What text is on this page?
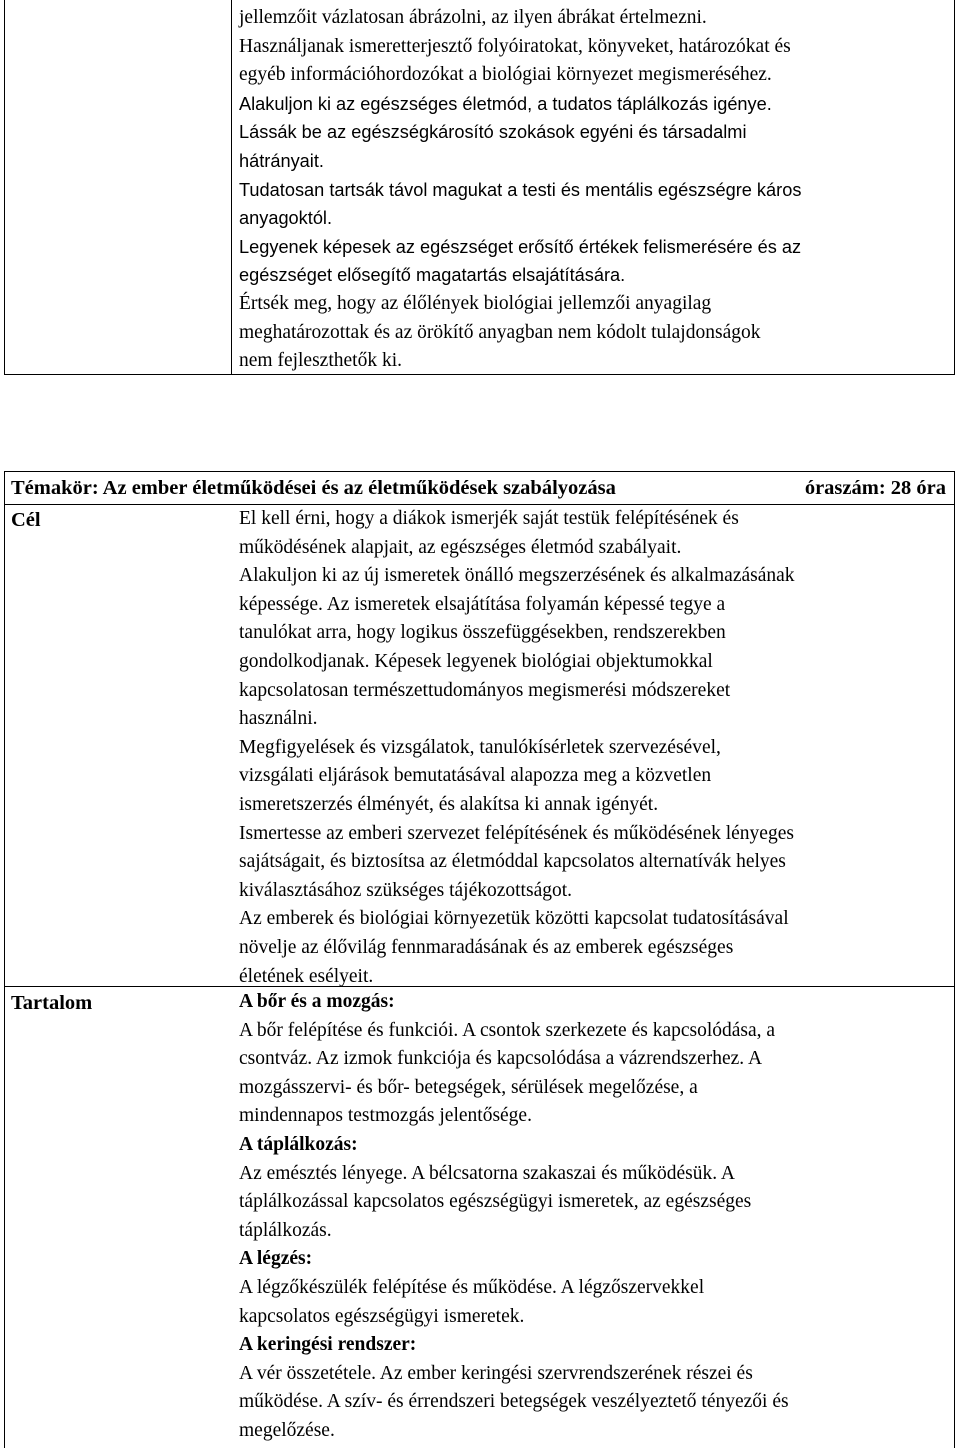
jellemzőit vázlatosan ábrázolni, az ilyen ábrákat értelmezni.
Használjanak ismeretterjesztő folyóiratokat, könyveket, határozókat és
egyéb információhordozókat a biológiai környezet megismeréséhez.
Alakuljon ki az egészséges életmód, a tudatos táplálkozás igénye.
Lássák be az egészségkárosító szokások egyéni és társadalmi
hátrányait.
Tudatosan tartsák távol magukat a testi és mentális egészségre káros
anyagoktól.
Legyenek képesek az egészséget erősítő értékek felismerésére és az
egészséget elősegítő magatartás elsajátítására.
Értsék meg, hogy az élőlények biológiai jellemzői anyagilag
meghatározottak és az örökítő anyagban nem kódolt tulajdonságok
nem fejleszthetők ki.
Témakör: Az ember életműködései és az életműködések szabályozása	óraszám: 28 óra
Cél	El kell érni, hogy a diákok ismerjék saját testük felépítésének és
működésének alapjait, az egészséges életmód szabályait.
Alakuljon ki az új ismeretek önálló megszerzésének és alkalmazásának
képessége. Az ismeretek elsajátítása folyamán képessé tegye a
tanulókat arra, hogy logikus összefüggésekben, rendszerekben
gondolkodjanak. Képesek legyenek biológiai objektumokkal
kapcsolatosan természettudományos megismerési módszereket
használni.
Megfigyelések és vizsgálatok, tanulókísérletek szervezésével,
vizsgálati eljárások bemutatásával alapozza meg a közvetlen
ismeretszerzés élményét, és alakítsa ki annak igényét.
Ismertesse az emberi szervezet felépítésének és működésének lényeges
sajátságait, és biztosítsa az életmóddal kapcsolatos alternatívák helyes
kiválasztásához szükséges tájékozottságot.
Az emberek és biológiai környezetük közötti kapcsolat tudatosításával
növelje az élővilág fennmaradásának és az emberek egészséges
életének esélyeit.
Tartalom	A bőr és a mozgás:
A bőr felépítése és funkciói. A csontok szerkezete és kapcsolódása, a
csontváz. Az izmok funkciója és kapcsolódása a vázrendszerhez. A
mozgásszervi- és bőr- betegségek, sérülések megelőzése, a
mindennapos testmozgás jelentősége.
A táplálkozás:
Az emésztés lényege. A bélcsatorna szakaszai és működésük. A
táplálkozással kapcsolatos egészségügyi ismeretek, az egészséges
táplálkozás.
A légzés:
A légzőkészülék felépítése és működése. A légzőszervekkel
kapcsolatos egészségügyi ismeretek.
A keringési rendszer:
A vér összetétele. Az ember keringési szervrendszerének részei és
működése. A szív- és érrendszeri betegségek veszélyeztető tényezői és
megelőzése.
